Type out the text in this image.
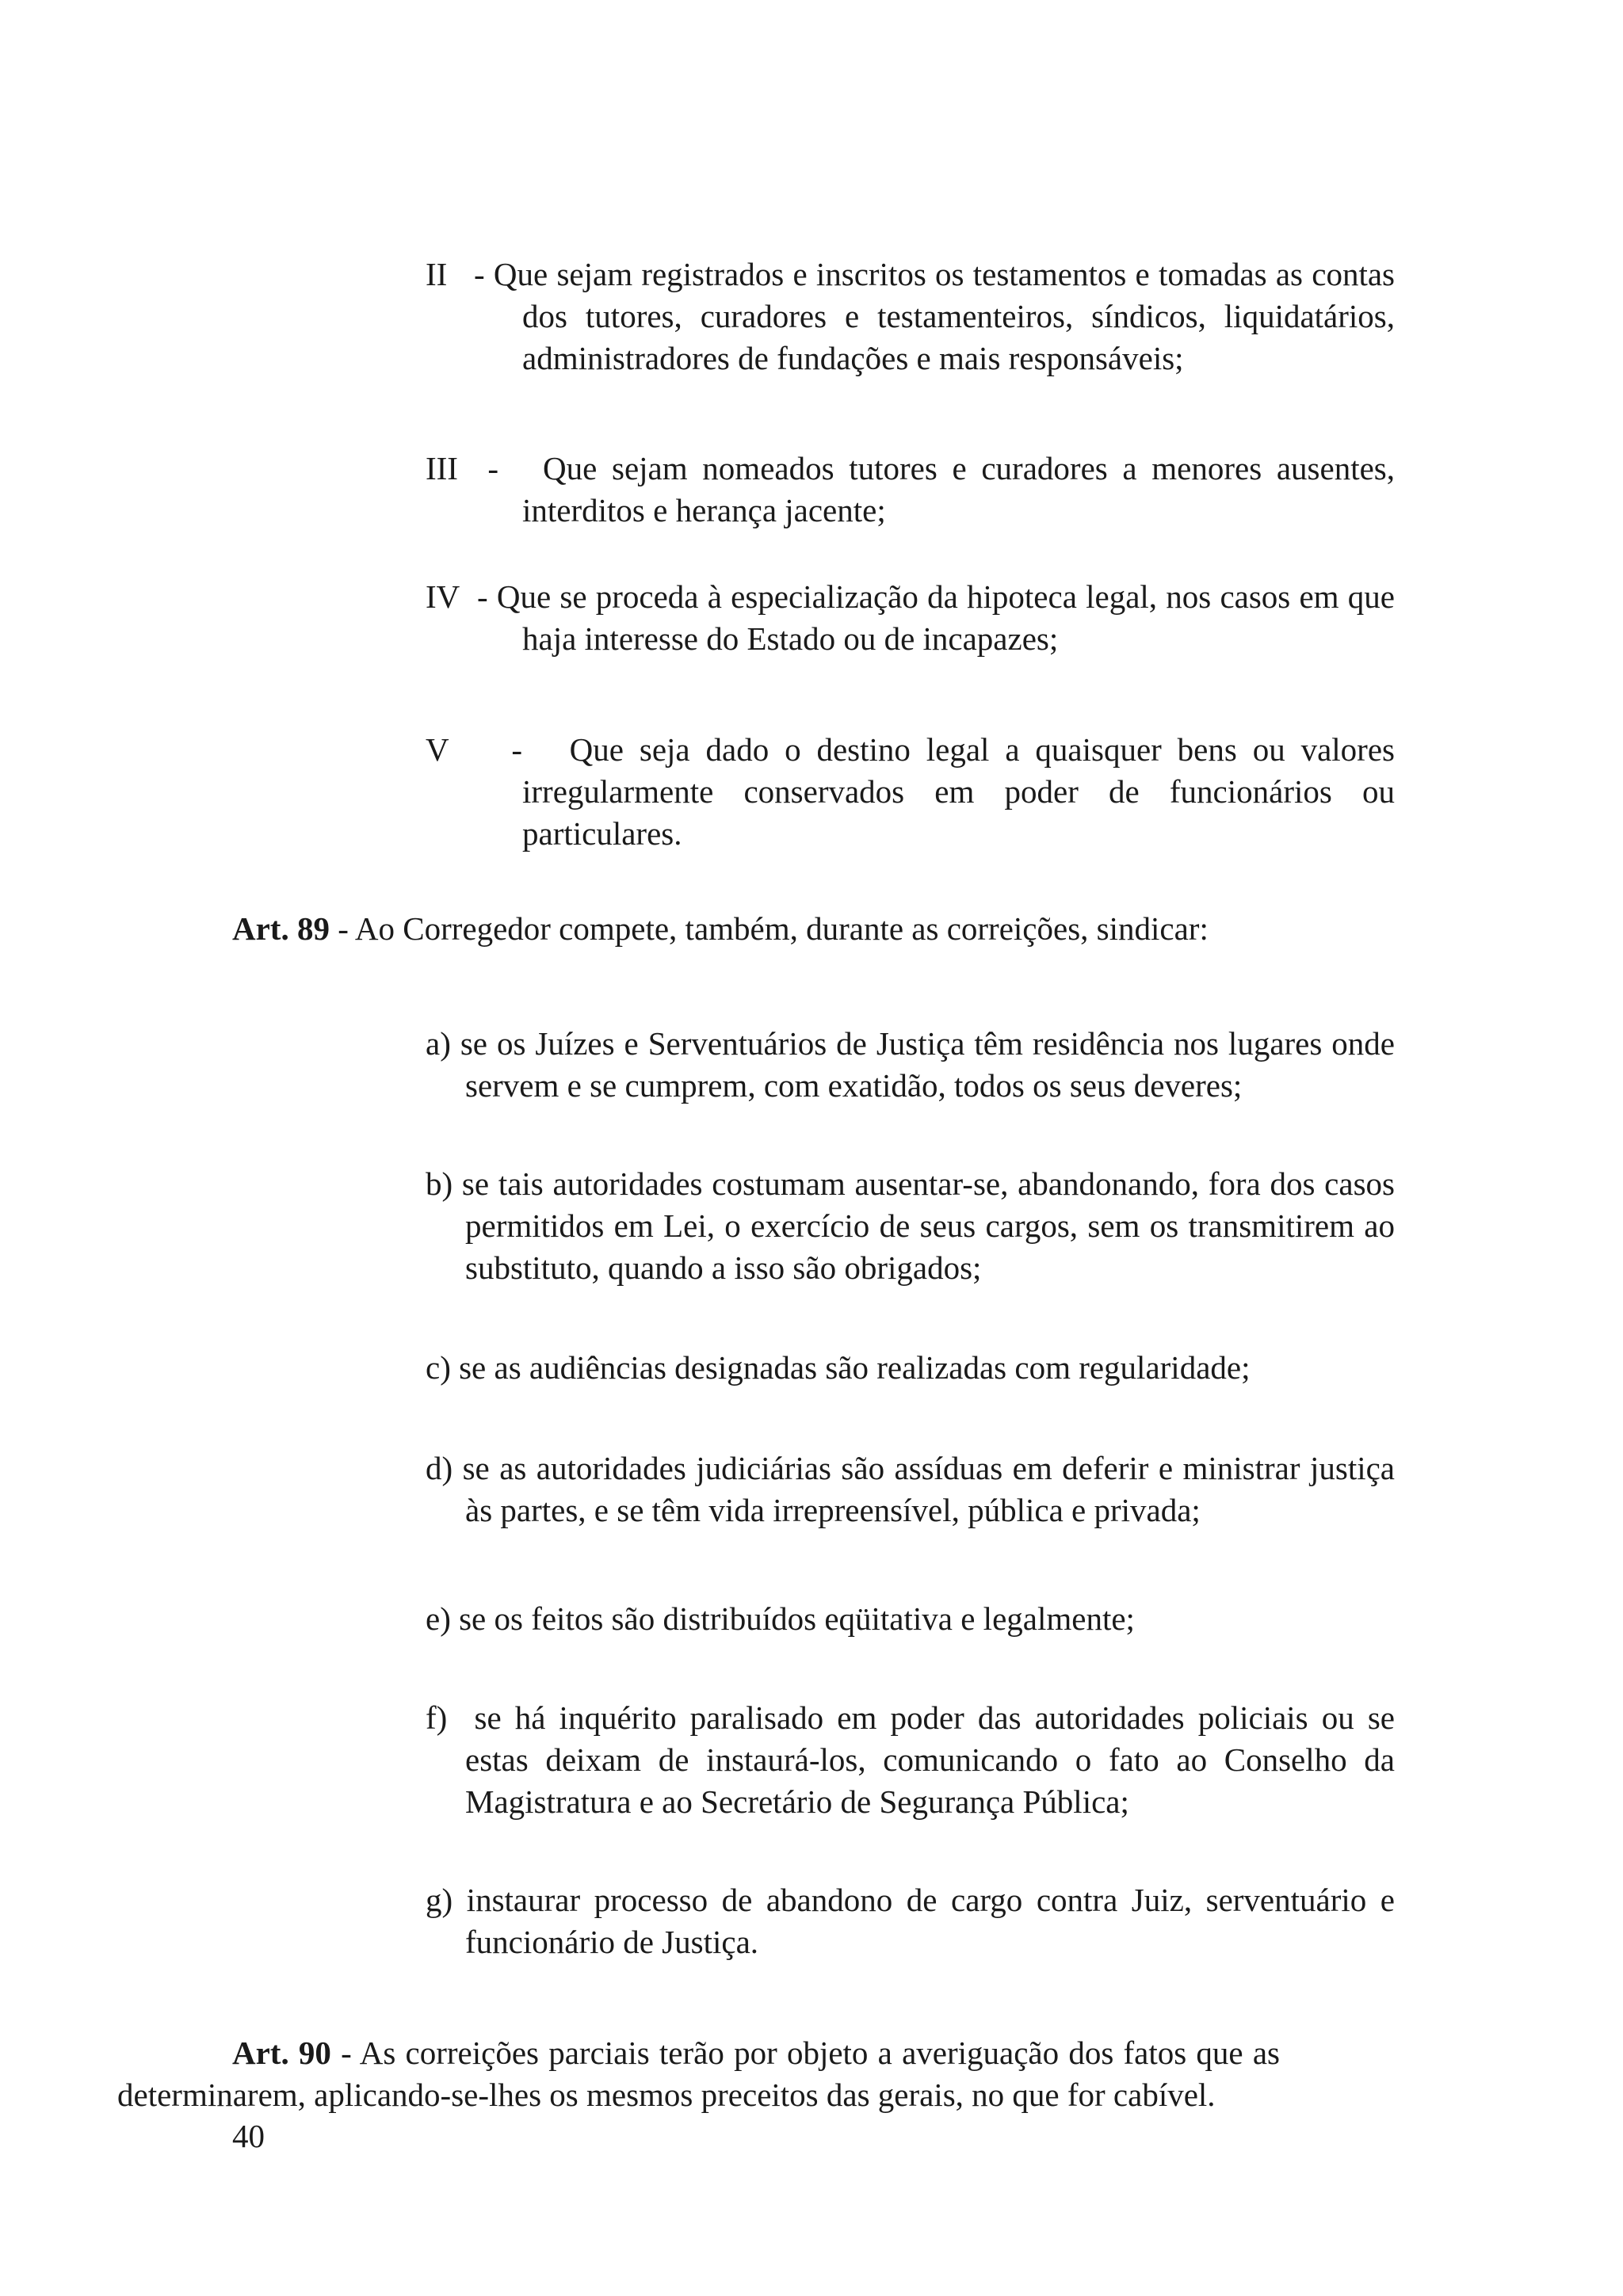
II   - Que sejam registrados e inscritos os testamentos e tomadas as contas dos tutores, curadores e testamenteiros, síndicos, liquidatários, administradores de fundações e mais responsáveis;
III  -   Que sejam nomeados tutores e curadores a menores ausentes, interditos e herança jacente;
IV  - Que se proceda à especialização da hipoteca legal, nos casos em que haja interesse do Estado ou de incapazes;
V    -   Que seja dado o destino legal a quaisquer bens ou valores irregularmente conservados em poder de funcionários ou particulares.
Art. 89 - Ao Corregedor compete, também, durante as correições, sindicar:
a) se os Juízes e Serventuários de Justiça têm residência nos lugares onde servem e se cumprem, com exatidão, todos os seus deveres;
b) se tais autoridades costumam ausentar-se, abandonando, fora dos casos permitidos em Lei, o exercício de seus cargos, sem os transmitirem ao substituto, quando a isso são obrigados;
c) se as audiências designadas são realizadas com regularidade;
d) se as autoridades judiciárias são assíduas em deferir e ministrar justiça às partes, e se têm vida irrepreensível, pública e privada;
e) se os feitos são distribuídos eqüitativa e legalmente;
f)  se há inquérito paralisado em poder das autoridades policiais ou se estas deixam de instaurá-los, comunicando o fato ao Conselho da Magistratura e ao Secretário de Segurança Pública;
g) instaurar processo de abandono de cargo contra Juiz, serventuário e funcionário de Justiça.
Art. 90 - As correições parciais terão por objeto a averiguação dos fatos que as determinarem, aplicando-se-lhes os mesmos preceitos das gerais, no que for cabível.
40
